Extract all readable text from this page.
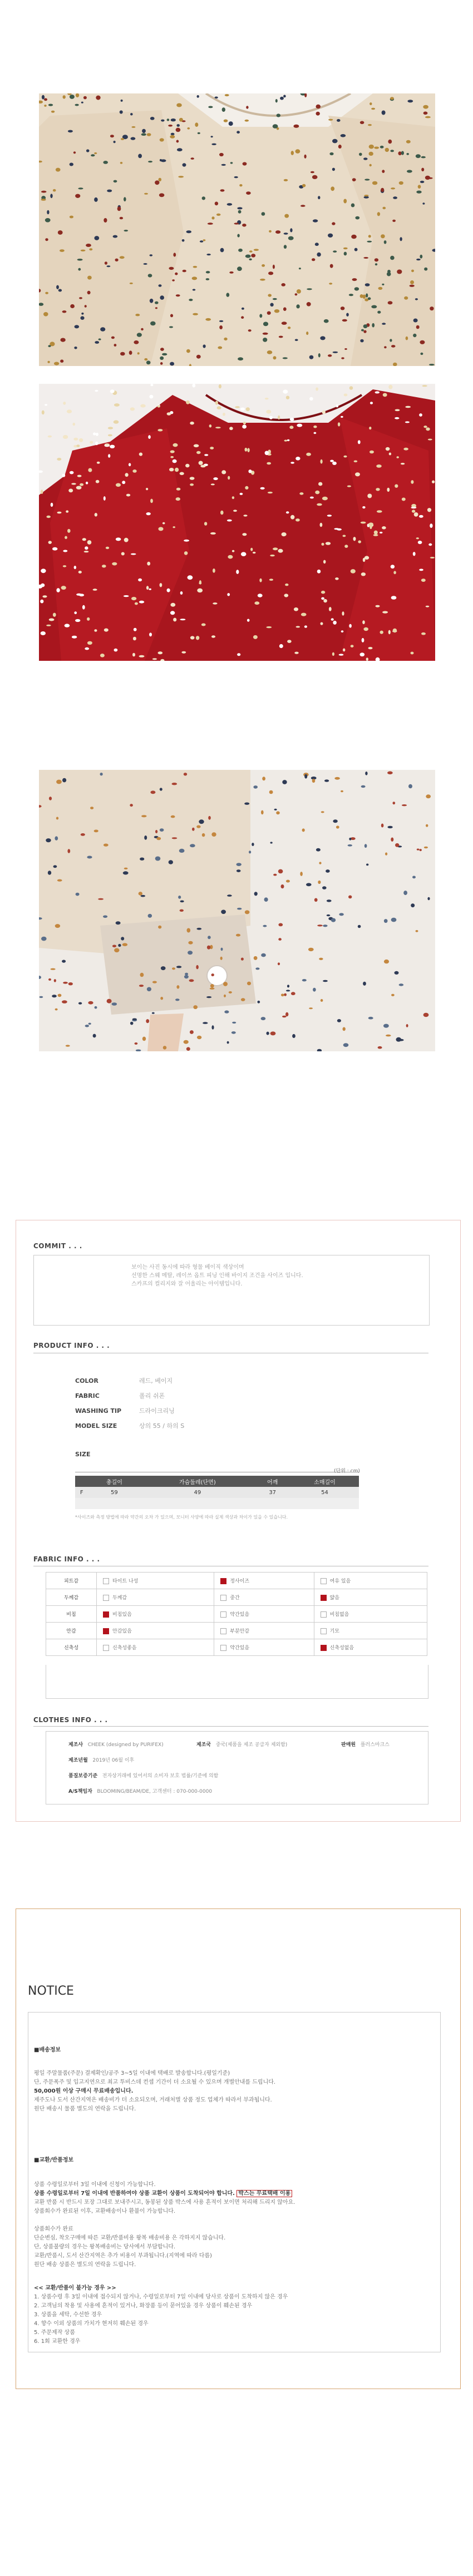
COMMIT . . .
보이는 사진 동시에 따라 형물 베이직 색상이며
선명한 스웨 메탈, 레이쓰 옵트 피닝 인해 바이지 조건을 사이즈 입니다.
스카프의 컬리지와 잘 어울리는 아이템입니다.
PRODUCT INFO . . .
COLOR	레드, 베이지
FABRIC	폴리 쉬폰
WASHING TIP	드라이크리닝
MODEL SIZE	상의 55 / 하의 S
SIZE
(단위 : cm)
	총길이	가슴둘레(단면)	어깨	소매길이
F	59	49	37	54

*사이즈와 측정 방법에 따라 약간의 오차 가 있으며, 모니터 사양에 따라 실제 색상과 차이가 있을 수 있습니다.
FABRIC INFO . . .
피트감	타이트 나성	정사이즈	여유 있음
두께감	두께감	중간	얇음
비침	비침있음	약간있음	비침없음
안감	안감있음	부분안감	기모
신축성	신축성좋음	약간있음	신축성없음
CLOTHES INFO . . .
제조사 CHEEK (designed by PURIFEX)	제조국 중국(제품을 제조 공급자 제외함)	판매원 플러스마크스
제조년월 2019년 06월 이후
품질보증기준 전자상거래에 있어서의 소비자 보호 법률/기준에 의함
A/S책임자 BLOOMING/BEAM/DE, 고객센터 : 070-000-0000
NOTICE
■배송정보
평일 주말물품(주문) 결제확인/공주 3~5일 이내에 택배로 발송합니다.(평일기준)
단, 주문폭주 및 입고지연으로 최고 투비스데 컨셉 기간이 더 소요될 수 있으며 개별안내를 드립니다.
50,000원 이상 구매시 무료배송입니다.
제주도나 도서 산간지역은 배송비가 더 소요되오며, 거래처별 상품 정도 업체가 따라서 부과됩니다.
원단 배송시 물품 별도의 연락을 드립니다.
■교환/반품정보
상품 수령일로부터 3일 이내에 신청이 가능합니다.
상품 수령일로부터 7일 이내에 반품하여야 상품 교환이 상품이 도착되어야 합니다. 박스는 무료택배 이용
교환 반품 시 반드시 포장 그대로 보내주시고, 동봉된 상품 박스에 사용 흔적이 보이면 처리해 드리지 않아요.
상품회수가 완료된 이후, 교환배송이나 환불이 가능합니다.
상품회수가 완료
단순변심, 착오구매에 따른 교환/반품비용 왕복 배송비용 은 각하지지 않습니다.
단, 상품불량의 경우는 왕복배송비는 당사에서 부담합니다.
교환/반품시, 도서 산간지역은 추가 비용이 부과됩니다.(지역에 따라 다름)
원단 배송 상품은 별도의 연락을 드립니다.
<< 교환/반품이 불가능 경우 >>
1. 상품수령 후 3일 이내에 접수되지 않거나, 수령일로부터 7일 이내에 당사로 상품이 도착하지 않은 경우
2. 고객님의 착용 및 사용에 흔적이 있거나, 화장품 등이 묻어있을 경우 상품이 훼손된 경우
3. 상품을 세탁, 수선한 경우
4. 향수 이외 상품의 가치가 현저히 훼손된 경우
5. 주문제작 상품
6. 1회 교환한 경우
